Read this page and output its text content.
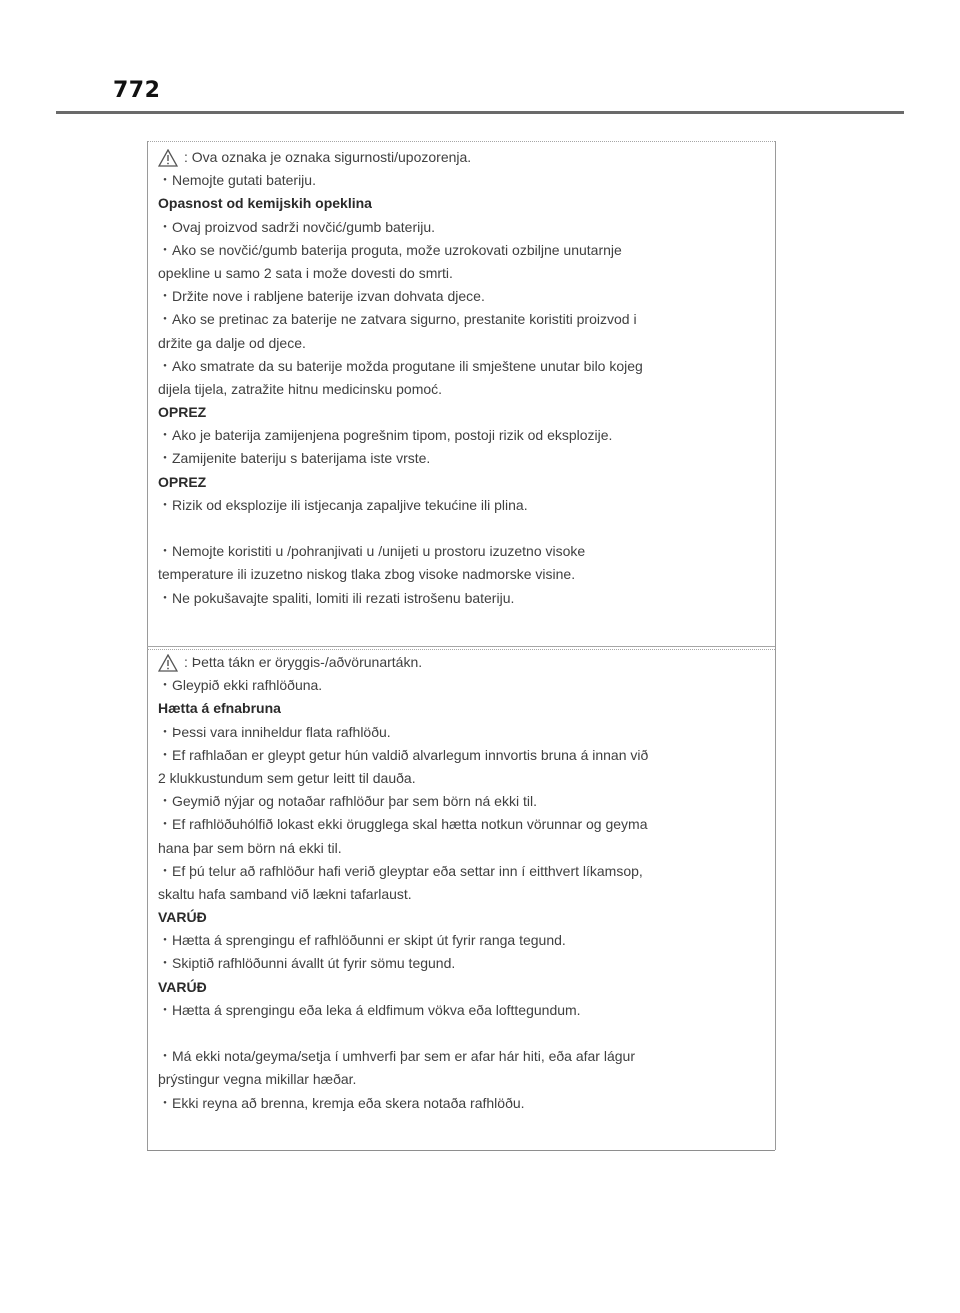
772
: Ova oznaka je oznaka sigurnosti/upozorenja.
・Nemojte gutati bateriju.
Opasnost od kemijskih opeklina
・Ovaj proizvod sadrži novčić/gumb bateriju.
・Ako se novčić/gumb baterija proguta, može uzrokovati ozbiljne unutarnje
opekline u samo 2 sata i može dovesti do smrti.
・Držite nove i rabljene baterije izvan dohvata djece.
・Ako se pretinac za baterije ne zatvara sigurno, prestanite koristiti proizvod i
držite ga dalje od djece.
・Ako smatrate da su baterije možda progutane ili smještene unutar bilo kojeg
dijela tijela, zatražite hitnu medicinsku pomoć.
OPREZ
・Ako je baterija zamijenjena pogrešnim tipom, postoji rizik od eksplozije.
・Zamijenite bateriju s baterijama iste vrste.
OPREZ
・Rizik od eksplozije ili istjecanja zapaljive tekućine ili plina.
・Nemojte koristiti u /pohranjivati u /unijeti u prostoru izuzetno visoke
temperature ili izuzetno niskog tlaka zbog visoke nadmorske visine.
・Ne pokušavajte spaliti, lomiti ili rezati istrošenu bateriju.
: Þetta tákn er öryggis-/aðvörunartákn.
・Gleypið ekki rafhlöðuna.
Hætta á efnabruna
・Þessi vara inniheldur flata rafhlöðu.
・Ef rafhlaðan er gleypt getur hún valdið alvarlegum innvortis bruna á innan við
2 klukkustundum sem getur leitt til dauða.
・Geymið nýjar og notaðar rafhlöður þar sem börn ná ekki til.
・Ef rafhlöðuhólfið lokast ekki örugglega skal hætta notkun vörunnar og geyma
hana þar sem börn ná ekki til.
・Ef þú telur að rafhlöður hafi verið gleyptar eða settar inn í eitthvert líkamsop,
skaltu hafa samband við lækni tafarlaust.
VARÚÐ
・Hætta á sprengingu ef rafhlöðunni er skipt út fyrir ranga tegund.
・Skiptið rafhlöðunni ávallt út fyrir sömu tegund.
VARÚÐ
・Hætta á sprengingu eða leka á eldfimum vökva eða lofttegundum.
・Má ekki nota/geyma/setja í umhverfi þar sem er afar hár hiti, eða afar lágur
þrýstingur vegna mikillar hæðar.
・Ekki reyna að brenna, kremja eða skera notaða rafhlöðu.
